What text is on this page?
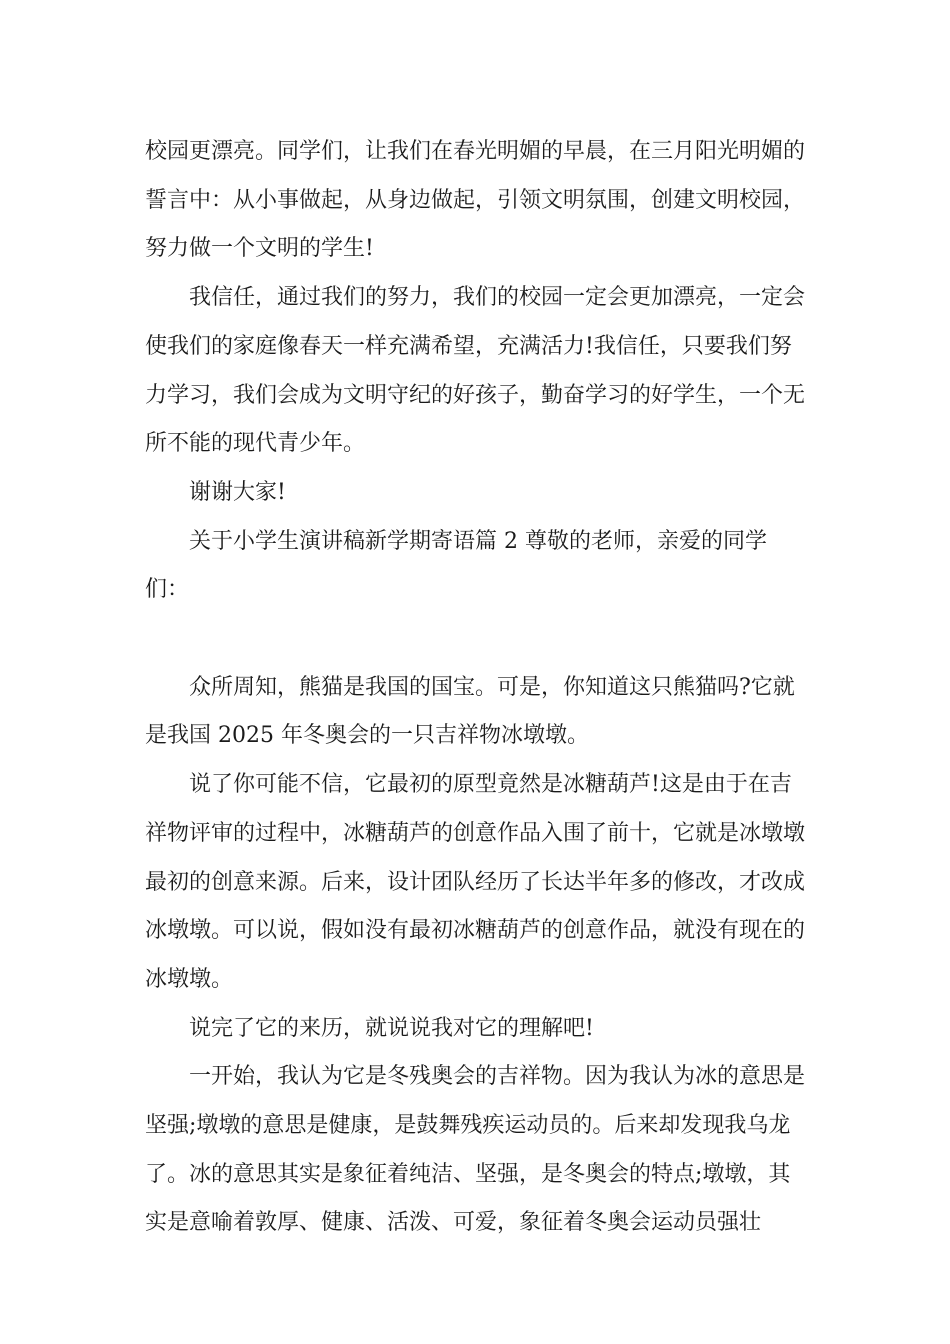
校园更漂亮。同学们，让我们在春光明媚的早晨，在三月阳光明媚的誓言中：从小事做起，从身边做起，引领文明氛围，创建文明校园，努力做一个文明的学生!

我信任，通过我们的努力，我们的校园一定会更加漂亮，一定会使我们的家庭像春天一样充满希望，充满活力!我信任，只要我们努力学习，我们会成为文明守纪的好孩子，勤奋学习的好学生，一个无所不能的现代青少年。

谢谢大家!

关于小学生演讲稿新学期寄语篇 2 尊敬的老师，亲爱的同学们：

众所周知，熊猫是我国的国宝。可是，你知道这只熊猫吗?它就是我国 2025 年冬奥会的一只吉祥物冰墩墩。

说了你可能不信，它最初的原型竟然是冰糖葫芦!这是由于在吉祥物评审的过程中，冰糖葫芦的创意作品入围了前十，它就是冰墩墩最初的创意来源。后来，设计团队经历了长达半年多的修改，才改成冰墩墩。可以说，假如没有最初冰糖葫芦的创意作品，就没有现在的冰墩墩。

说完了它的来历，就说说我对它的理解吧!

一开始，我认为它是冬残奥会的吉祥物。因为我认为冰的意思是坚强;墩墩的意思是健康，是鼓舞残疾运动员的。后来却发现我乌龙了。冰的意思其实是象征着纯洁、坚强，是冬奥会的特点;墩墩，其实是意喻着敦厚、健康、活泼、可爱，象征着冬奥会运动员强壮
